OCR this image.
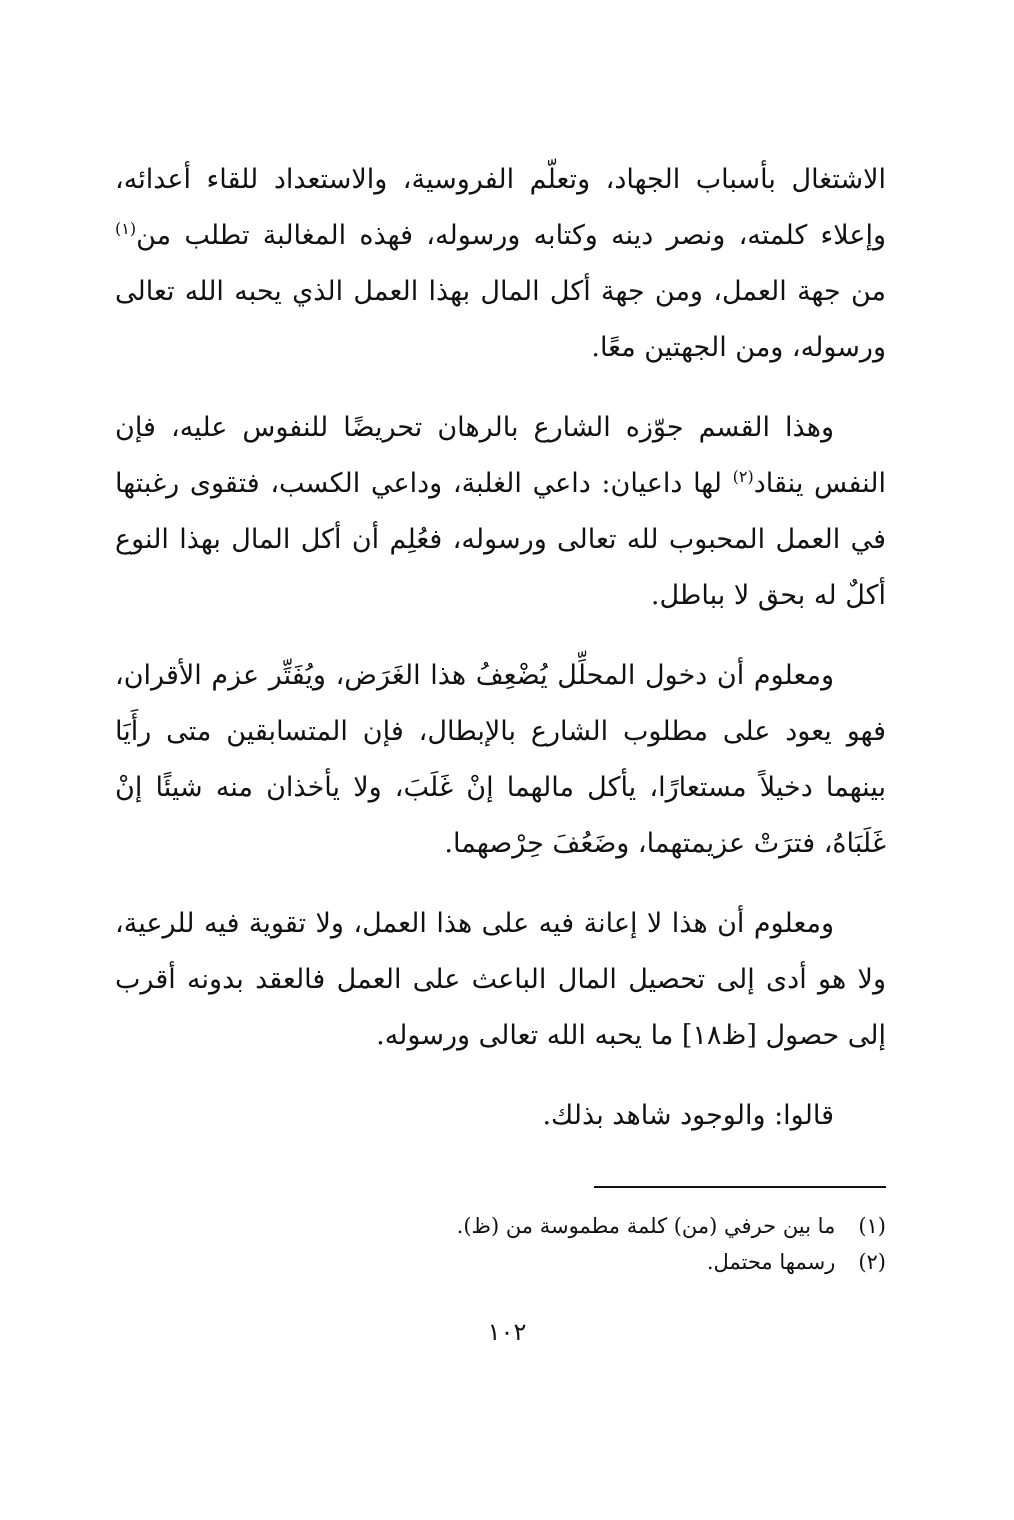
الاشتغال بأسباب الجهاد، وتعلّم الفروسية، والاستعداد للقاء أعدائه، وإعلاء كلمته، ونصر دينه وكتابه ورسوله، فهذه المغالبة تطلب من$^{(١)}$ من جهة العمل، ومن جهة أكل المال بهذا العمل الذي يحبه الله تعالى ورسوله، ومن الجهتين معًا.

وهذا القسم جوّزه الشارع بالرهان تحريضًا للنفوس عليه، فإن النفس ينقاد$^{(٢)}$ لها داعيان: داعي الغلبة، وداعي الكسب، فتقوى رغبتها في العمل المحبوب لله تعالى ورسوله، فعُلِم أن أكل المال بهذا النوع أكلٌ له بحق لا بباطل.

ومعلوم أن دخول المحلِّل يُضْعِفُ هذا الغَرَض، ويُفَتِّر عزم الأقران، فهو يعود على مطلوب الشارع بالإبطال، فإن المتسابقين متى رأَيَا بينهما دخيلاً مستعارًا، يأكل مالهما إنْ غَلَبَ، ولا يأخذان منه شيئًا إنْ غَلَبَاهُ، فترَتْ عزيمتهما، وضَعُفَ حِرْصهما.

ومعلوم أن هذا لا إعانة فيه على هذا العمل، ولا تقوية فيه للرعية، ولا هو أدى إلى تحصيل المال الباعث على العمل فالعقد بدونه أقرب إلى حصول [ظ١٨] ما يحبه الله تعالى ورسوله.

قالوا: والوجود شاهد بذلك.

(١) ما بين حرفي (من) كلمة مطموسة من (ظ).
(٢) رسمها محتمل.
١٠٢
